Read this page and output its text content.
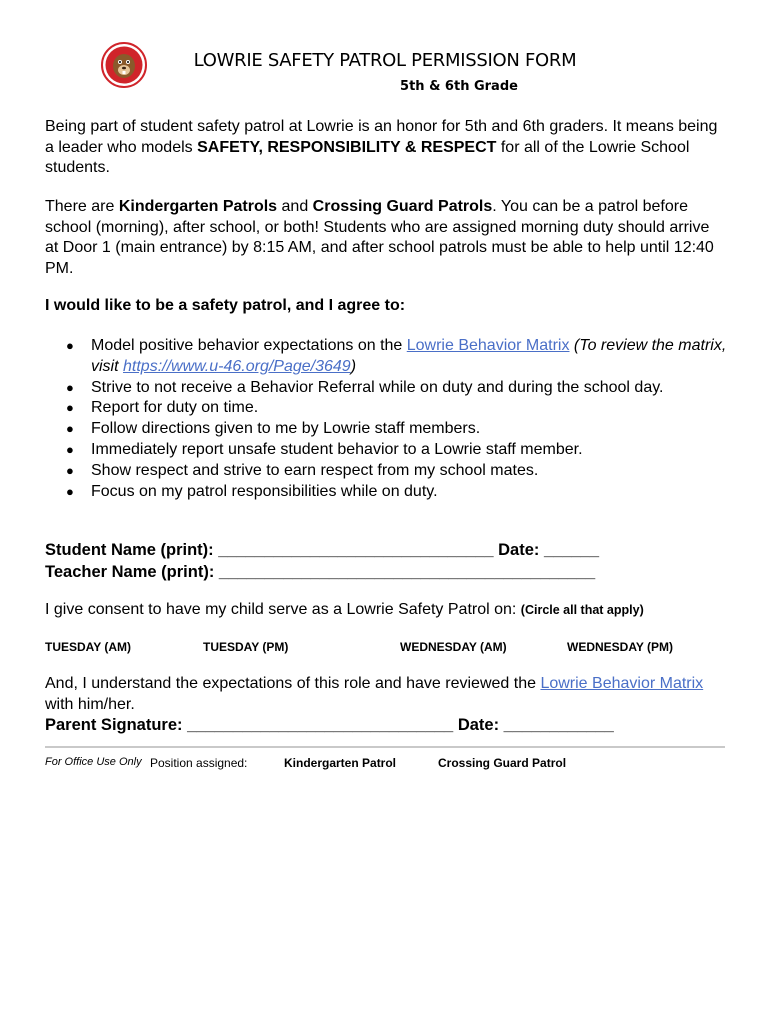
LOWRIE SAFETY PATROL PERMISSION FORM
5th & 6th Grade
Being part of student safety patrol at Lowrie is an honor for 5th and 6th graders. It means being a leader who models SAFETY, RESPONSIBILITY & RESPECT for all of the Lowrie School students.
There are Kindergarten Patrols and Crossing Guard Patrols. You can be a patrol before school (morning), after school, or both! Students who are assigned morning duty should arrive at Door 1 (main entrance) by 8:15 AM, and after school patrols must be able to help until 12:40 PM.
I would like to be a safety patrol, and I agree to:
● Model positive behavior expectations on the Lowrie Behavior Matrix (To review the matrix, visit https://www.u-46.org/Page/3649)
● Strive to not receive a Behavior Referral while on duty and during the school day.
● Report for duty on time.
● Follow directions given to me by Lowrie staff members.
● Immediately report unsafe student behavior to a Lowrie staff member.
● Show respect and strive to earn respect from my school mates.
● Focus on my patrol responsibilities while on duty.
Student Name (print): ______________________________ Date: ______
Teacher Name (print): _________________________________________
I give consent to have my child serve as a Lowrie Safety Patrol on: (Circle all that apply)
TUESDAY (AM)	TUESDAY (PM)	WEDNESDAY (AM)	WEDNESDAY (PM)
And, I understand the expectations of this role and have reviewed the Lowrie Behavior Matrix with him/her.
Parent Signature: _____________________________ Date: ____________
For Office Use Only Position assigned:	Kindergarten Patrol	Crossing Guard Patrol
